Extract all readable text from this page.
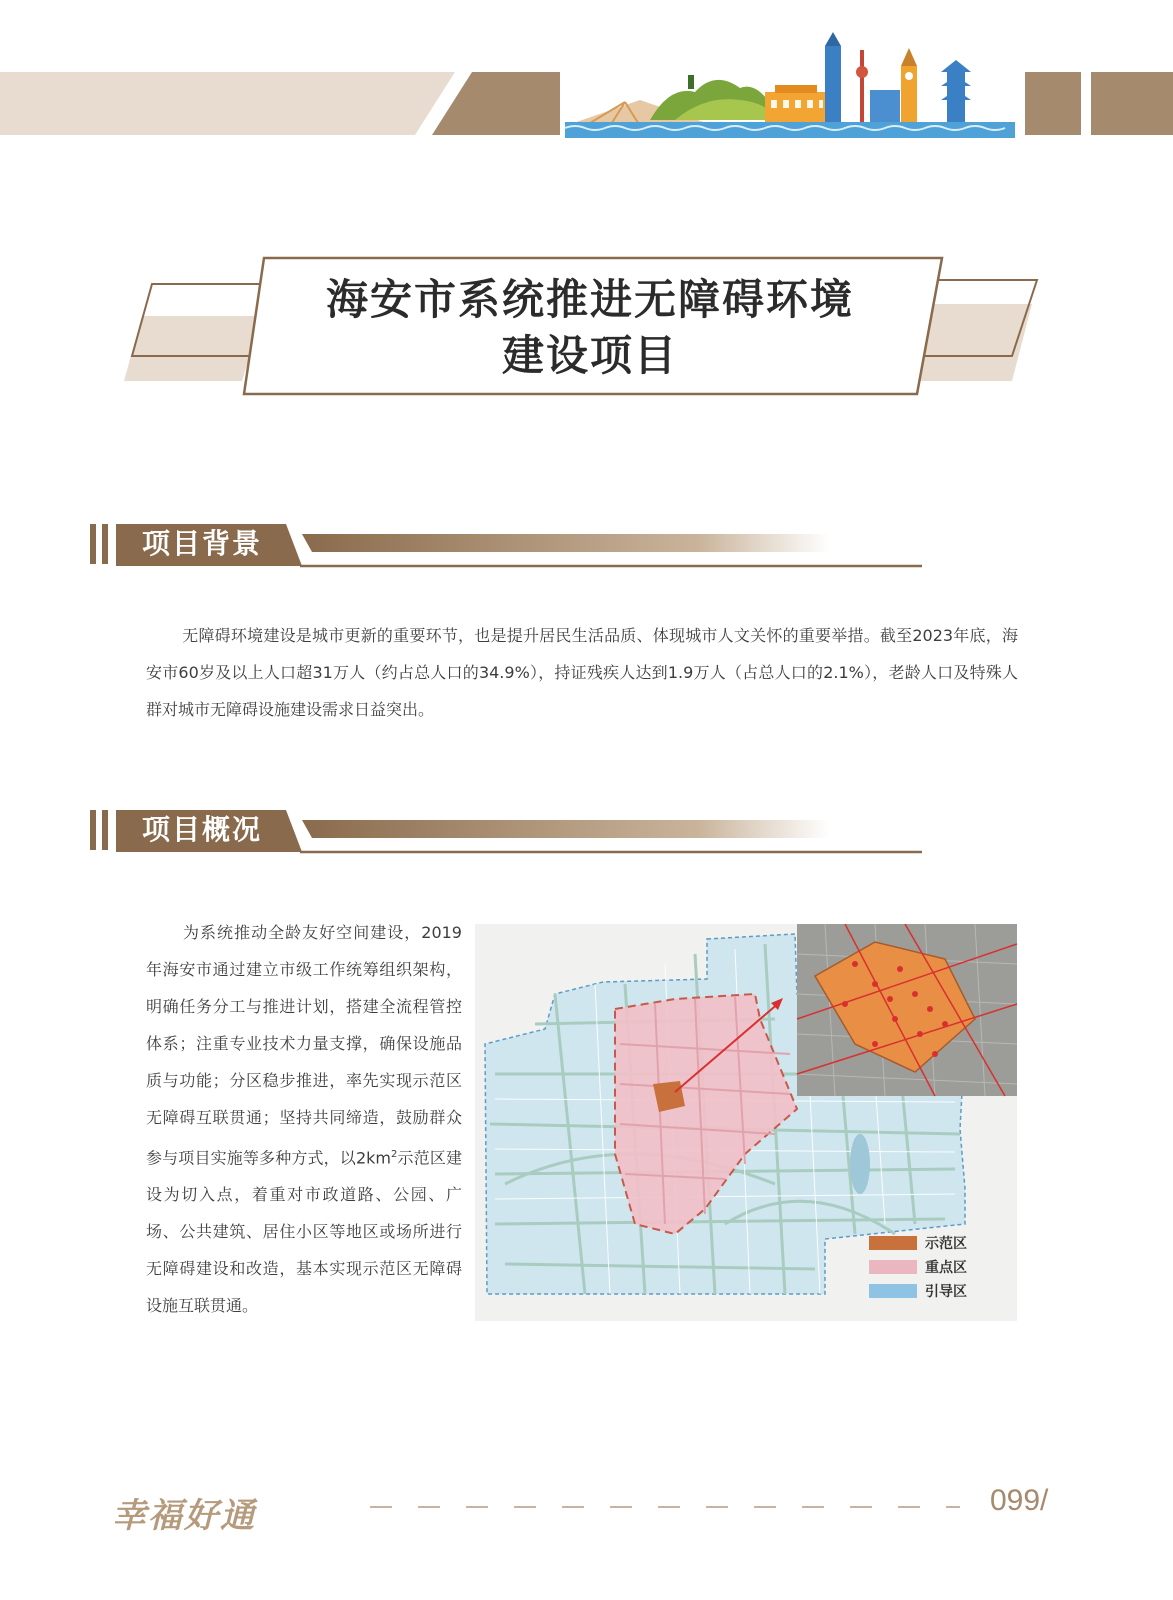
海安市系统推进无障碍环境
建设项目
项目背景
无障碍环境建设是城市更新的重要环节，也是提升居民生活品质、体现城市人文关怀的重要举措。截至2023年底，海安市60岁及以上人口超31万人（约占总人口的34.9%），持证残疾人达到1.9万人（占总人口的2.1%），老龄人口及特殊人群对城市无障碍设施建设需求日益突出。
项目概况
为系统推动全龄友好空间建设，2019年海安市通过建立市级工作统筹组织架构，明确任务分工与推进计划，搭建全流程管控体系；注重专业技术力量支撑，确保设施品质与功能；分区稳步推进，率先实现示范区无障碍互联贯通；坚持共同缔造，鼓励群众参与项目实施等多种方式，以$2km^2$示范区建设为切入点，着重对市政道路、公园、广场、公共建筑、居住小区等地区或场所进行无障碍建设和改造，基本实现示范区无障碍设施互联贯通。
示范区
重点区
引导区
幸福好通	099/
